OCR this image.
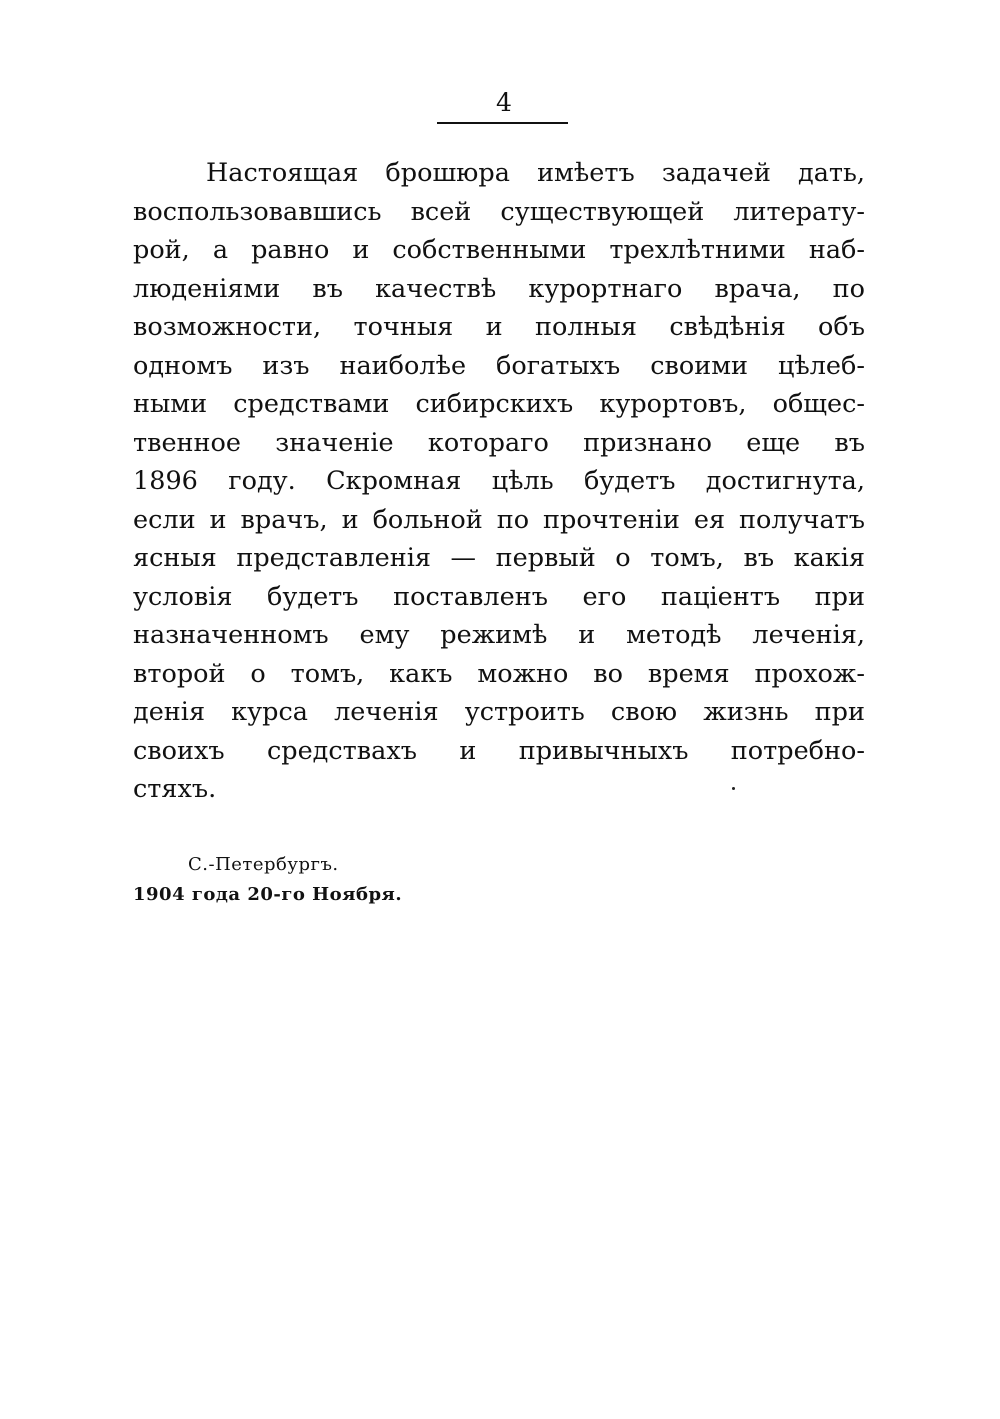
4
Настоящая брошюра имѣетъ задачей дать,
воспользовавшись всей существующей литерату-
рой, а равно и собственными трехлѣтними наб-
люденіями въ качествѣ курортнаго врача, по
возможности, точныя и полныя свѣдѣнія объ
одномъ изъ наиболѣе богатыхъ своими цѣлеб-
ными средствами сибирскихъ курортовъ, общес-
твенное значеніе котораго признано еще въ
1896 году. Скромная цѣль будетъ достигнута,
если и врачъ, и больной по прочтеніи ея получатъ
ясныя представленія — первый о томъ, въ какія
условія будетъ поставленъ его паціентъ при
назначенномъ ему режимѣ и методѣ леченія,
второй о томъ, какъ можно во время прохож-
денія курса леченія устроить свою жизнь при
своихъ средствахъ и привычныхъ потребно-
стяхъ.
С.-Петербургъ.
1904 года 20-го Ноября.
